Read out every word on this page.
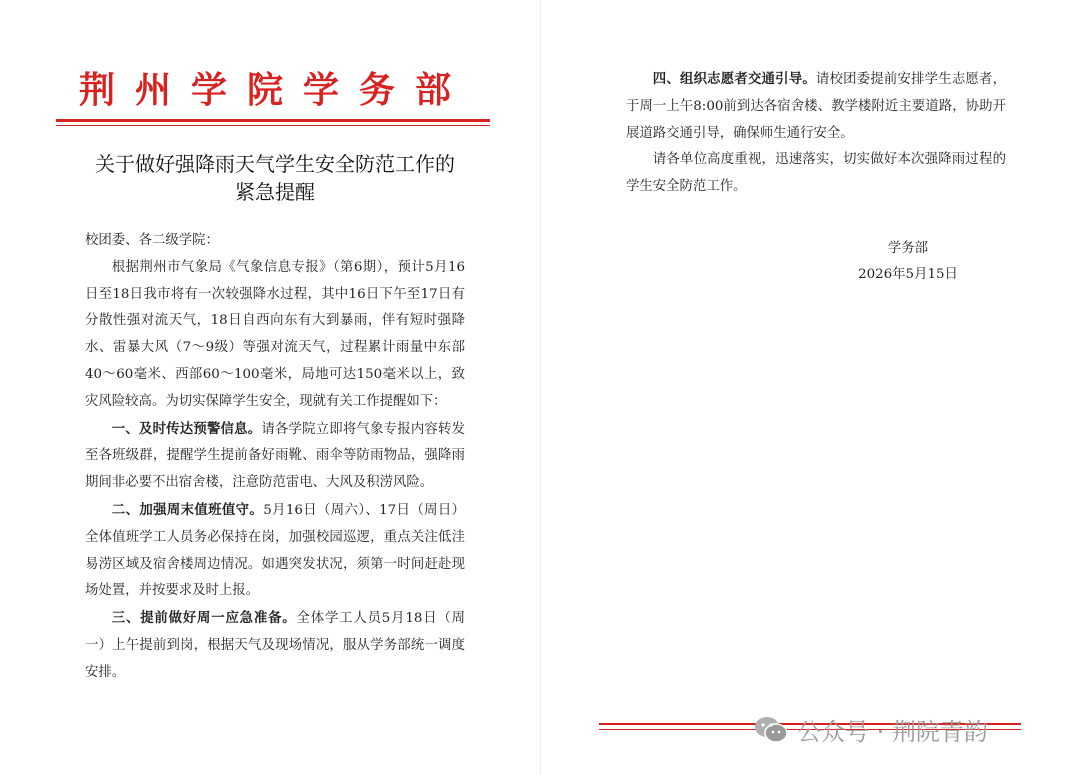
荆州学院学务部
关于做好强降雨天气学生安全防范工作的
紧急提醒

校团委、各二级学院：

根据荆州市气象局《气象信息专报》（第6期），预计5月16日至18日我市将有一次较强降水过程，其中16日下午至17日有分散性强对流天气，18日自西向东有大到暴雨，伴有短时强降水、雷暴大风（7～9级）等强对流天气，过程累计雨量中东部40～60毫米、西部60～100毫米，局地可达150毫米以上，致灾风险较高。为切实保障学生安全，现就有关工作提醒如下：

一、及时传达预警信息。请各学院立即将气象专报内容转发至各班级群，提醒学生提前备好雨靴、雨伞等防雨物品，强降雨期间非必要不出宿舍楼，注意防范雷电、大风及积涝风险。

二、加强周末值班值守。5月16日（周六）、17日（周日）全体值班学工人员务必保持在岗，加强校园巡逻，重点关注低洼易涝区域及宿舍楼周边情况。如遇突发状况，须第一时间赶赴现场处置，并按要求及时上报。

三、提前做好周一应急准备。全体学工人员5月18日（周一）上午提前到岗，根据天气及现场情况，服从学务部统一调度安排。

四、组织志愿者交通引导。请校团委提前安排学生志愿者，于周一上午8:00前到达各宿舍楼、教学楼附近主要道路，协助开展道路交通引导，确保师生通行安全。

请各单位高度重视，迅速落实，切实做好本次强降雨过程的学生安全防范工作。

学务部
2026年5月15日
公众号 · 荆院青韵
